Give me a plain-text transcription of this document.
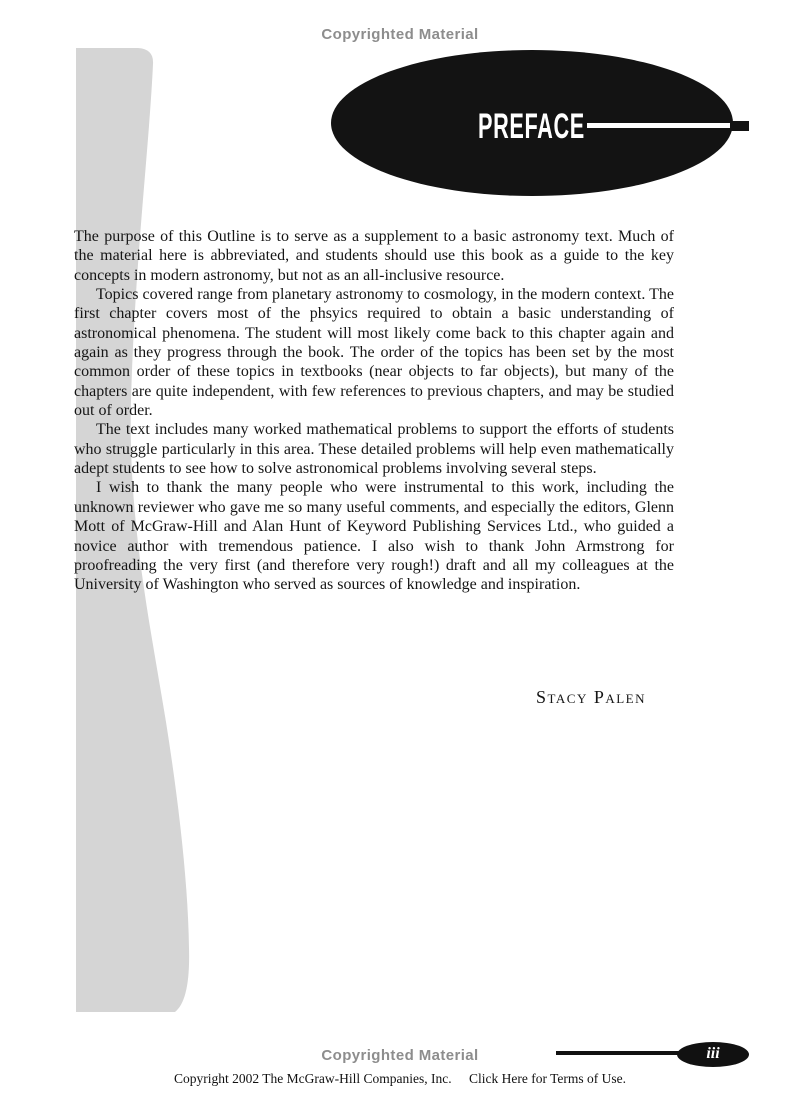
Copyrighted Material
PREFACE

The purpose of this Outline is to serve as a supplement to a basic astronomy text. Much of the material here is abbreviated, and students should use this book as a guide to the key concepts in modern astronomy, but not as an all-inclusive resource.

Topics covered range from planetary astronomy to cosmology, in the modern context. The first chapter covers most of the phsyics required to obtain a basic understanding of astronomical phenomena. The student will most likely come back to this chapter again and again as they progress through the book. The order of the topics has been set by the most common order of these topics in textbooks (near objects to far objects), but many of the chapters are quite independent, with few references to previous chapters, and may be studied out of order.

The text includes many worked mathematical problems to support the efforts of students who struggle particularly in this area. These detailed problems will help even mathematically adept students to see how to solve astronomical problems involving several steps.

I wish to thank the many people who were instrumental to this work, including the unknown reviewer who gave me so many useful comments, and especially the editors, Glenn Mott of McGraw-Hill and Alan Hunt of Keyword Publishing Services Ltd., who guided a novice author with tremendous patience. I also wish to thank John Armstrong for proofreading the very first (and therefore very rough!) draft and all my colleagues at the University of Washington who served as sources of knowledge and inspiration.

Stacy Palen
Copyrighted Material	iii
Copyright 2002 The McGraw-Hill Companies, Inc. Click Here for Terms of Use.
